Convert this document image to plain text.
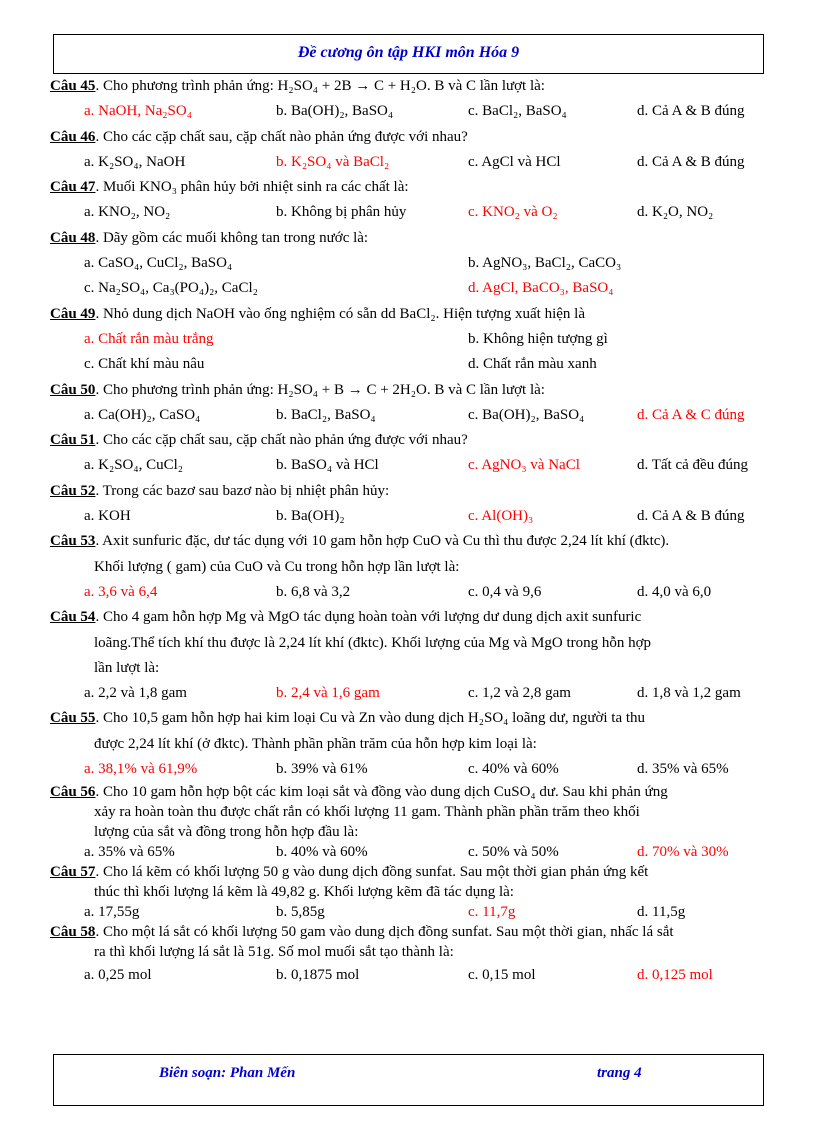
Đề cương ôn tập HKI môn Hóa 9
Câu 45. Cho phương trình phản ứng: H₂SO₄ + 2B → C + H₂O. B và C lần lượt là:
a. NaOH, Na₂SO₄	b. Ba(OH)₂, BaSO₄	c. BaCl₂, BaSO₄	d. Cả A & B đúng
Câu 46. Cho các cặp chất sau, cặp chất nào phản ứng được với nhau?
a. K₂SO₄, NaOH	b. K₂SO₄ và BaCl₂	c. AgCl và HCl	d. Cả A & B đúng
Câu 47. Muối KNO₃ phân hủy bởi nhiệt sinh ra các chất là:
a. KNO₂, NO₂	b. Không bị phân hủy	c. KNO₂ và O₂	d. K₂O, NO₂
Câu 48. Dãy gồm các muối không tan trong nước là:
a. CaSO₄, CuCl₂, BaSO₄	b. AgNO₃, BaCl₂, CaCO₃
c. Na₂SO₄, Ca₃(PO₄)₂, CaCl₂	d. AgCl, BaCO₃, BaSO₄
Câu 49. Nhỏ dung dịch NaOH vào ống nghiệm có sẵn dd BaCl₂. Hiện tượng xuất hiện là
a. Chất rắn màu trắng	b. Không hiện tượng gì
c. Chất khí màu nâu	d. Chất rắn màu xanh
Câu 50. Cho phương trình phản ứng: H₂SO₄ + B → C + 2H₂O. B và C lần lượt là:
a. Ca(OH)₂, CaSO₄	b. BaCl₂, BaSO₄	c. Ba(OH)₂, BaSO₄	d. Cả A & C đúng
Câu 51. Cho các cặp chất sau, cặp chất nào phản ứng được với nhau?
a. K₂SO₄, CuCl₂	b. BaSO₄ và HCl	c. AgNO₃ và NaCl	d. Tất cả đều đúng
Câu 52. Trong các bazơ sau bazơ nào bị nhiệt phân hủy:
a. KOH	b. Ba(OH)₂	c. Al(OH)₃	d. Cả A & B đúng
Câu 53. Axit sunfuric đặc, dư tác dụng với 10 gam hỗn hợp CuO và Cu thì thu được 2,24 lít khí (đktc).
Khối lượng ( gam) của CuO và Cu trong hỗn hợp lần lượt là:
a. 3,6 và 6,4	b. 6,8 và 3,2	c. 0,4 và 9,6	d. 4,0 và 6,0
Câu 54. Cho 4 gam hỗn hợp Mg và MgO tác dụng hoàn toàn với lượng dư dung dịch axit sunfuric
loãng.Thể tích khí thu được là 2,24 lít khí (đktc). Khối lượng của Mg và MgO trong hỗn hợp
lần lượt là:
a. 2,2 và 1,8 gam	b. 2,4 và 1,6 gam	c. 1,2 và 2,8 gam	d. 1,8 và 1,2 gam
Câu 55. Cho 10,5 gam hỗn hợp hai kim loại Cu và Zn vào dung dịch H₂SO₄ loãng dư, người ta thu
được 2,24 lít khí (ở đktc). Thành phần phần trăm của hỗn hợp kim loại là:
a. 38,1% và 61,9%	b. 39% và 61%	c. 40% và 60%	d. 35% và 65%
Câu 56. Cho 10 gam hỗn hợp bột các kim loại sắt và đồng vào dung dịch CuSO₄ dư. Sau khi phản ứng
xảy ra hoàn toàn thu được chất rắn có khối lượng 11 gam. Thành phần phần trăm theo khối
lượng của sắt và đồng trong hỗn hợp đầu là:
a. 35% và 65%	b. 40% và 60%	c. 50% và 50%	d. 70% và 30%
Câu 57. Cho lá kẽm có khối lượng 50 g vào dung dịch đồng sunfat. Sau một thời gian phản ứng kết
thúc thì khối lượng lá kẽm là 49,82 g. Khối lượng kẽm đã tác dụng là:
a. 17,55g	b. 5,85g	c. 11,7g	d. 11,5g
Câu 58. Cho một lá sắt có khối lượng 50 gam vào dung dịch đồng sunfat. Sau một thời gian, nhấc lá sắt
ra thì khối lượng lá sắt là 51g. Số mol muối sắt tạo thành là:
a. 0,25 mol	b. 0,1875 mol	c. 0,15 mol	d. 0,125 mol
Biên soạn: Phan Mến	trang 4
